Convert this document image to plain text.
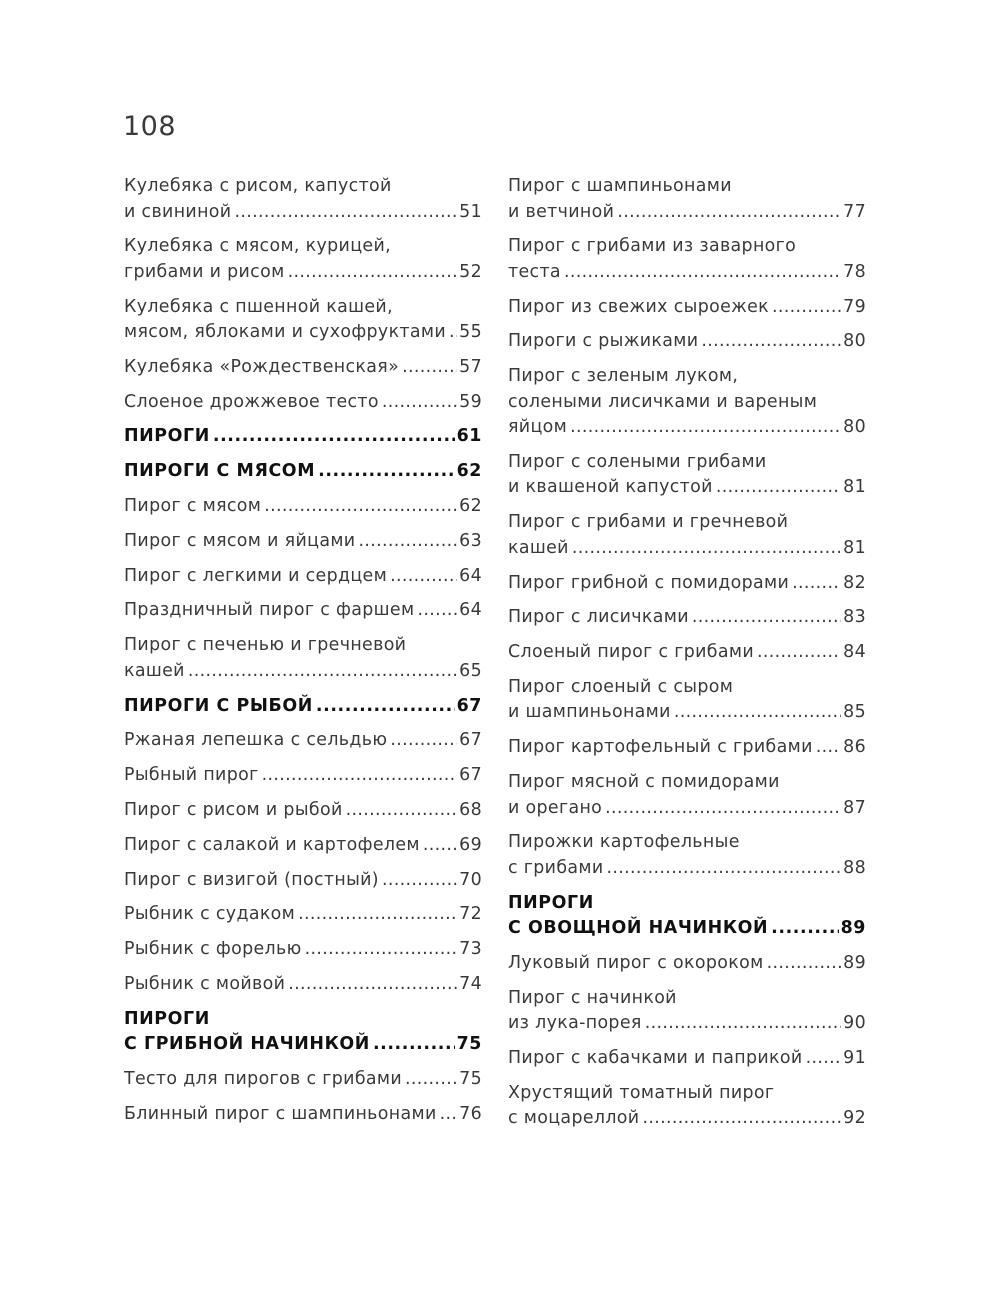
108
Кулебяка с рисом, капустой
и свининой .....	51
Кулебяка с мясом, курицей,
грибами и рисом .....	52
Кулебяка с пшенной кашей,
мясом, яблоками и сухофруктами ..... 55
Кулебяка «Рождественская» .....	57
Слоеное дрожжевое тесто .....	59
ПИРОГИ .....	61
ПИРОГИ С МЯСОМ .....	62
Пирог с мясом .....	62
Пирог с мясом и яйцами .....	63
Пирог с легкими и сердцем .....	64
Праздничный пирог с фаршем .....	64
Пирог с печенью и гречневой
кашей .....	65
ПИРОГИ С РЫБОЙ .....	67
Ржаная лепешка с сельдью .....	67
Рыбный пирог .....	67
Пирог с рисом и рыбой .....	68
Пирог с салакой и картофелем ..... 69
Пирог с визигой (постный) .....	70
Рыбник с судаком .....	72
Рыбник с форелью .....	73
Рыбник с мойвой .....	74
ПИРОГИ
С ГРИБНОЙ НАЧИНКОЙ .....	75
Тесто для пирогов с грибами .....	75
Блинный пирог с шампиньонами ..... 76
Пирог с шампиньонами
и ветчиной .....	77
Пирог с грибами из заварного
теста .....	78
Пирог из свежих сыроежек .....	79
Пироги с рыжиками .....	80
Пирог с зеленым луком,
солеными лисичками и вареным
яйцом .....	80
Пирог с солеными грибами
и квашеной капустой .....	81
Пирог с грибами и гречневой
кашей .....	81
Пирог грибной с помидорами .....	82
Пирог с лисичками .....	83
Слоеный пирог с грибами .....	84
Пирог слоеный с сыром
и шампиньонами .....	85
Пирог картофельный с грибами ..... 86
Пирог мясной с помидорами
и орегано .....	87
Пирожки картофельные
с грибами .....	88
ПИРОГИ
С ОВОЩНОЙ НАЧИНКОЙ .....	89
Луковый пирог с окороком .....	89
Пирог с начинкой
из лука-порея .....	90
Пирог с кабачками и паприкой ..... 91
Хрустящий томатный пирог
с моцареллой .....	92
